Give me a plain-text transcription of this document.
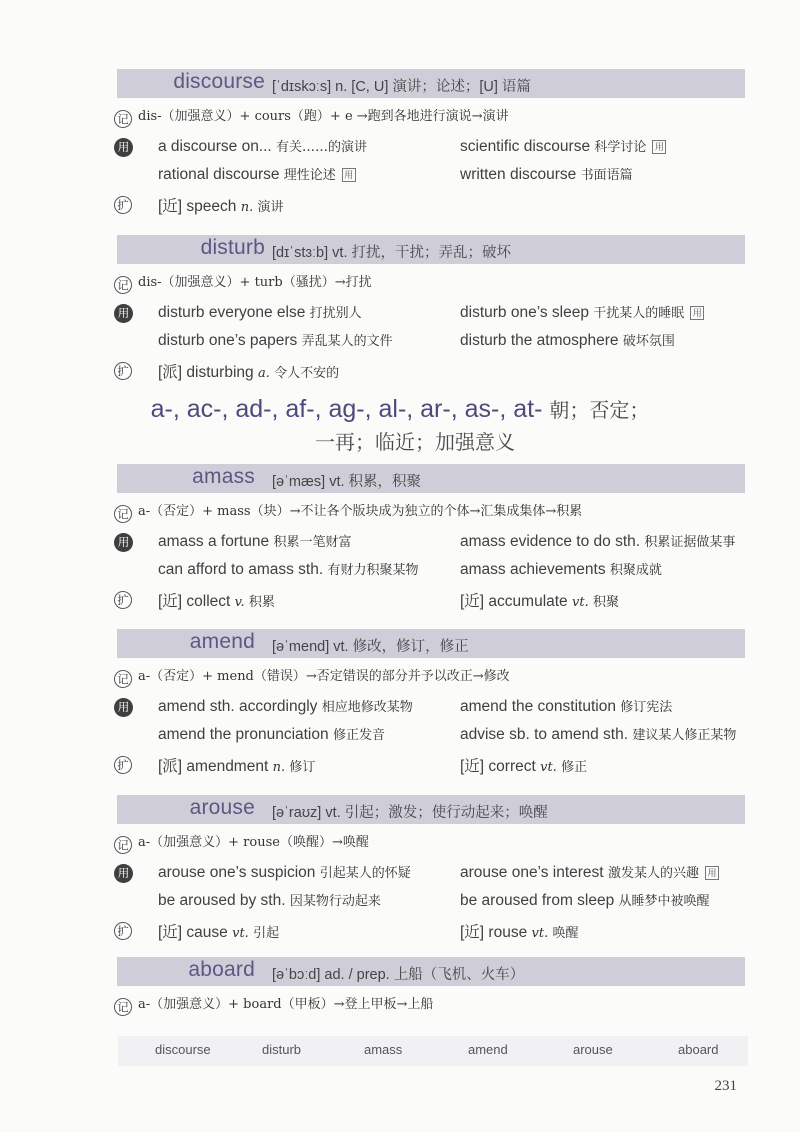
discourse [ˈdɪskɔːs] n. [C, U] 演讲；论述；[U] 语篇
记 dis-（加强意义）+ cours（跑）+ e →跑到各地进行演说→演讲
用	a discourse on... 有关……的演讲	scientific discourse 科学讨论 用
rational discourse 理性论述 用	written discourse 书面语篇
扩	[近] speech n. 演讲
disturb [dɪˈstɜːb] vt. 打扰，干扰；弄乱；破坏
记 dis-（加强意义）+ turb（骚扰）→打扰
用	disturb everyone else 打扰别人	disturb one’s sleep 干扰某人的睡眠 用
disturb one’s papers 弄乱某人的文件	disturb the atmosphere 破坏氛围
扩	[派] disturbing a. 令人不安的
a-, ac-, ad-, af-, ag-, al-, ar-, as-, at- 朝；否定；
一再；临近；加强意义
amass [əˈmæs] vt. 积累，积聚
记 a-（否定）+ mass（块）→不让各个版块成为独立的个体→汇集成集体→积累
用	amass a fortune 积累一笔财富	amass evidence to do sth. 积累证据做某事
can afford to amass sth. 有财力积聚某物	amass achievements 积聚成就
扩	[近] collect v. 积累	[近] accumulate vt. 积聚
amend [əˈmend] vt. 修改，修订，修正
记 a-（否定）+ mend（错误）→否定错误的部分并予以改正→修改
用	amend sth. accordingly 相应地修改某物	amend the constitution 修订宪法
amend the pronunciation 修正发音	advise sb. to amend sth. 建议某人修正某物
扩	[派] amendment n. 修订	[近] correct vt. 修正
arouse [əˈraʊz] vt. 引起；激发；使行动起来；唤醒
记 a-（加强意义）+ rouse（唤醒）→唤醒
用	arouse one’s suspicion 引起某人的怀疑	arouse one’s interest 激发某人的兴趣 用
be aroused by sth. 因某物行动起来	be aroused from sleep 从睡梦中被唤醒
扩	[近] cause vt. 引起	[近] rouse vt. 唤醒
aboard [əˈbɔːd] ad. / prep. 上船（飞机、火车）
记 a-（加强意义）+ board（甲板）→登上甲板→上船
discourse	disturb	amass	amend	arouse	aboard
231
